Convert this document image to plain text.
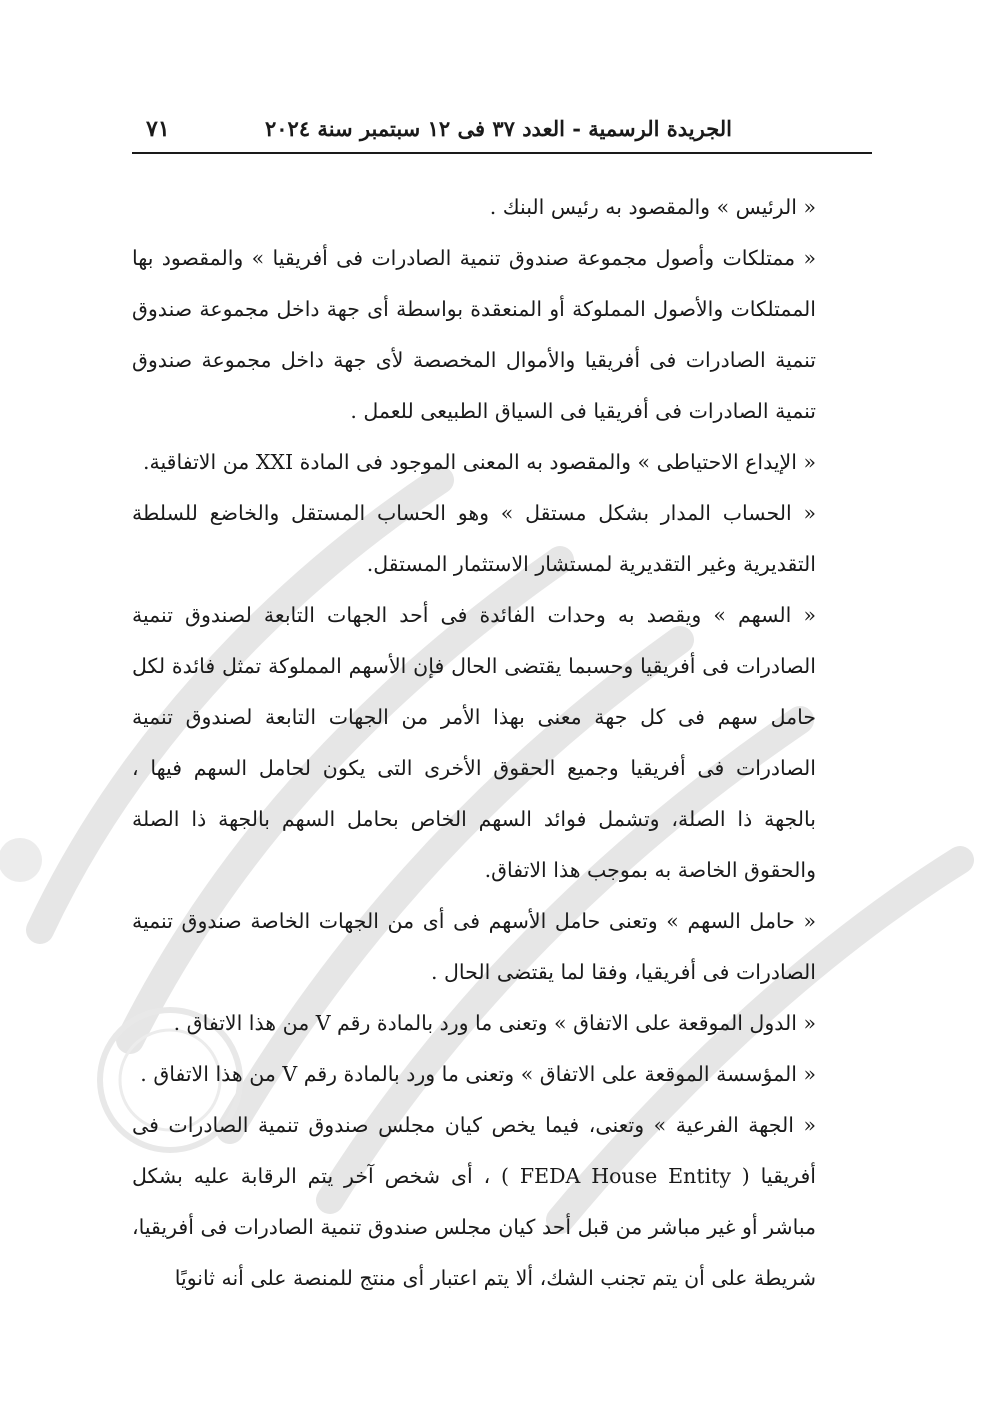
الجريدة الرسمية - العدد ٣٧ فى ١٢ سبتمبر سنة ٢٠٢٤
٧١

« الرئيس » والمقصود به رئيس البنك .

« ممتلكات وأصول مجموعة صندوق تنمية الصادرات فى أفريقيا » والمقصود بها الممتلكات والأصول المملوكة أو المنعقدة بواسطة أى جهة داخل مجموعة صندوق تنمية الصادرات فى أفريقيا والأموال المخصصة لأى جهة داخل مجموعة صندوق تنمية الصادرات فى أفريقيا فى السياق الطبيعى للعمل .

« الإيداع الاحتياطى » والمقصود به المعنى الموجود فى المادة XXI من الاتفاقية.

« الحساب المدار بشكل مستقل » وهو الحساب المستقل والخاضع للسلطة التقديرية وغير التقديرية لمستشار الاستثمار المستقل.

« السهم » ويقصد به وحدات الفائدة فى أحد الجهات التابعة لصندوق تنمية الصادرات فى أفريقيا وحسبما يقتضى الحال فإن الأسهم المملوكة تمثل فائدة لكل حامل سهم فى كل جهة معنى بهذا الأمر من الجهات التابعة لصندوق تنمية الصادرات فى أفريقيا وجميع الحقوق الأخرى التى يكون لحامل السهم فيها ، بالجهة ذا الصلة، وتشمل فوائد السهم الخاص بحامل السهم بالجهة ذا الصلة والحقوق الخاصة به بموجب هذا الاتفاق.

« حامل السهم » وتعنى حامل الأسهم فى أى من الجهات الخاصة صندوق تنمية الصادرات فى أفريقيا، وفقا لما يقتضى الحال .

« الدول الموقعة على الاتفاق » وتعنى ما ورد بالمادة رقم V من هذا الاتفاق .

« المؤسسة الموقعة على الاتفاق » وتعنى ما ورد بالمادة رقم V من هذا الاتفاق .

« الجهة الفرعية » وتعنى، فيما يخص كيان مجلس صندوق تنمية الصادرات فى أفريقيا ( FEDA House Entity ) ، أى شخص آخر يتم الرقابة عليه بشكل مباشر أو غير مباشر من قبل أحد كيان مجلس صندوق تنمية الصادرات فى أفريقيا، شريطة على أن يتم تجنب الشك، ألا يتم اعتبار أى منتج للمنصة على أنه ثانويًا
